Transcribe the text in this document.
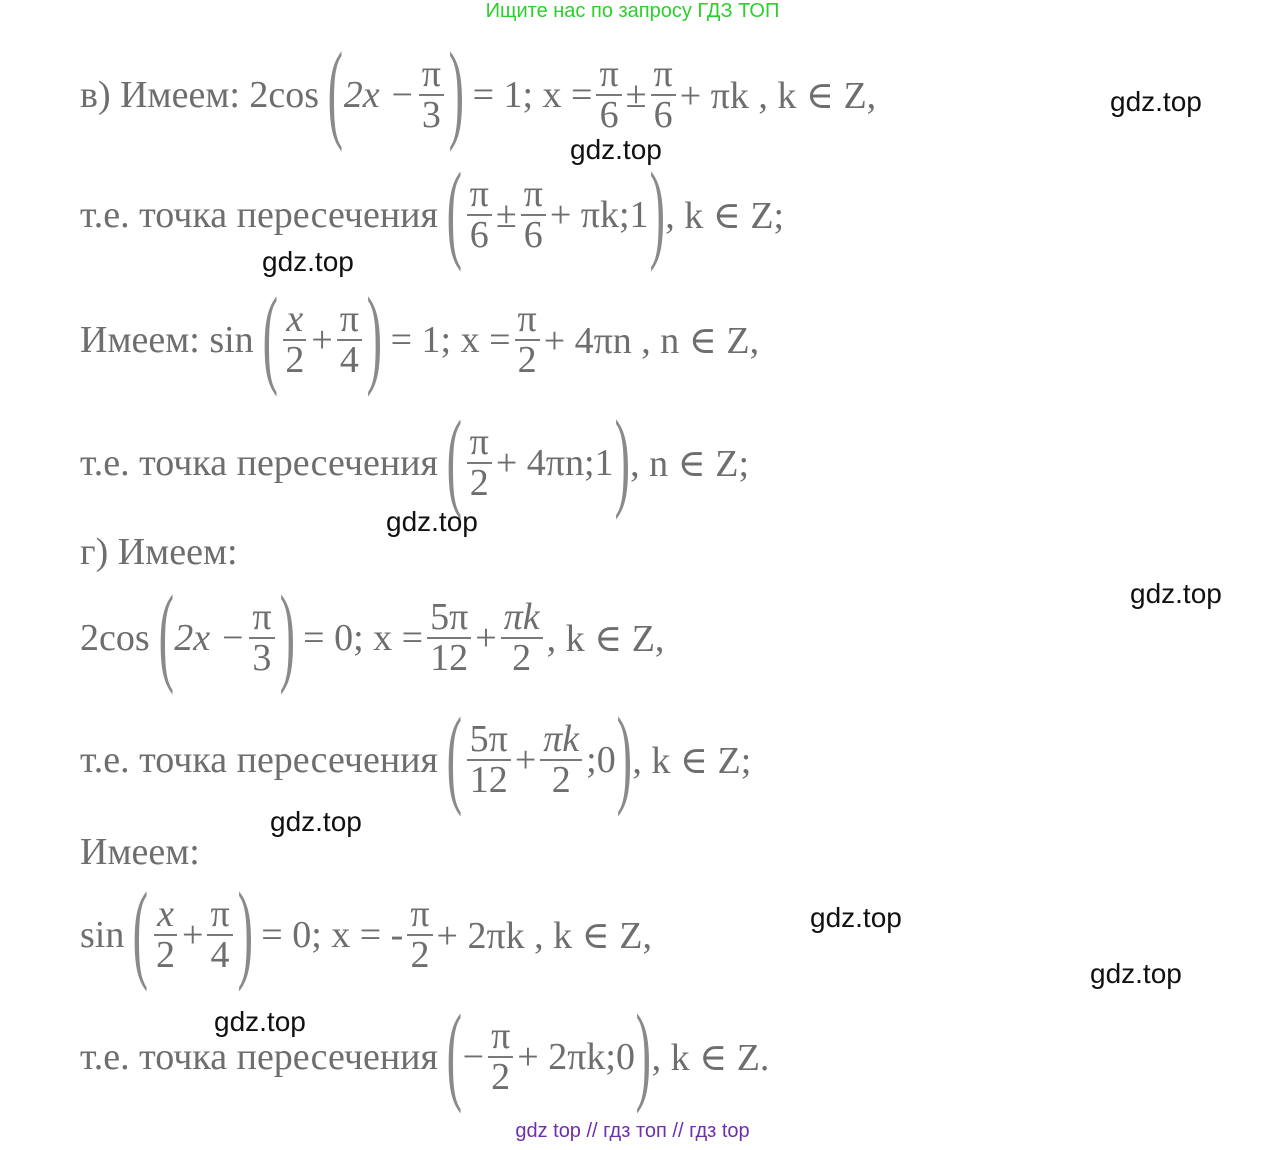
Ищите нас по запросу ГДЗ ТОП
в) Имеем: 2cos ( $2x - \frac{\pi}{3}$ ) = 1; $x = \frac{\pi}{6} \pm \frac{\pi}{6} + \pi k$ , k ∈ Z,
т.е. точка пересечения ( $\frac{\pi}{6} \pm \frac{\pi}{6}$ + πk;1 ) , k ∈ Z;
Имеем: sin ( $\frac{x}{2} + \frac{\pi}{4}$ ) = 1; $x = \frac{\pi}{2} + 4\pi n$ , n ∈ Z,
т.е. точка пересечения ( $\frac{\pi}{2}$ + 4πn;1 ) , n ∈ Z;
г) Имеем:
2cos ( $2x - \frac{\pi}{3}$ ) = 0; $x = \frac{5\pi}{12} + \frac{\pi k}{2}$ , k ∈ Z,
т.е. точка пересечения ( $\frac{5\pi}{12} + \frac{\pi k}{2}$ ;0 ) , k ∈ Z;
Имеем:
sin ( $\frac{x}{2} + \frac{\pi}{4}$ ) = 0; x = - $\frac{\pi}{2} + 2\pi k$ , k ∈ Z,
т.е. точка пересечения ( − $\frac{\pi}{2}$ + 2πk;0 ) , k ∈ Z.
gdz.top
gdz.top
gdz.top
gdz.top
gdz.top
gdz.top
gdz.top
gdz.top
gdz.top
gdz top // гдз топ // гдз top
